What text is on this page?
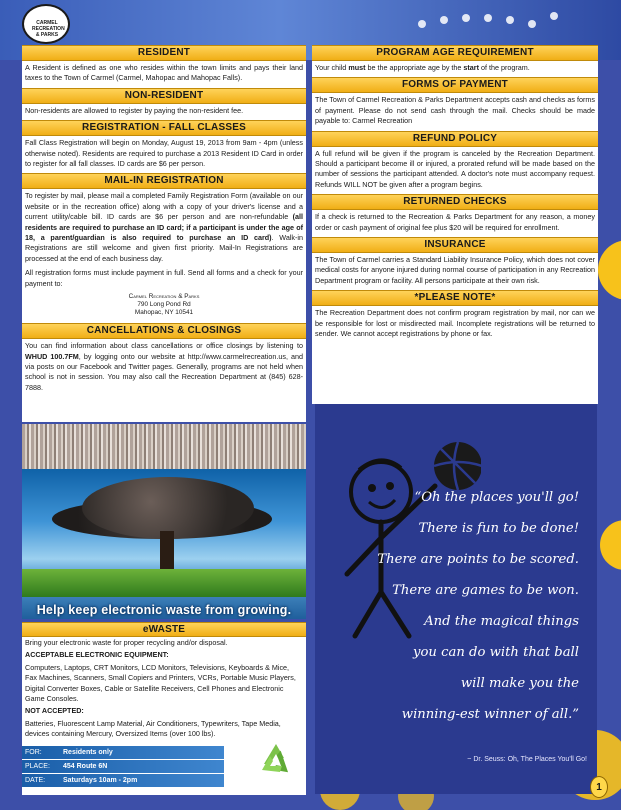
CARMEL RECREATION & PARKS
RESIDENT
A Resident is defined as one who resides within the town limits and pays their land taxes to the Town of Carmel (Carmel, Mahopac and Mahopac Falls).
NON-RESIDENT
Non-residents are allowed to register by paying the non-resident fee.
REGISTRATION - FALL CLASSES
Fall Class Registration will begin on Monday, August 19, 2013 from 9am - 4pm (unless otherwise noted). Residents are required to purchase a 2013 Resident ID Card in order to register for all fall classes. ID cards are $6 per person.
MAIL-IN REGISTRATION
To register by mail, please mail a completed Family Registration Form (available on our website or in the recreation office) along with a copy of your driver's license and a current utility/cable bill. ID cards are $6 per person and are non-refundable (all residents are required to purchase an ID card; if a participant is under the age of 18, a parent/guardian is also required to purchase an ID card). Walk-in Registrations are still welcome and given first priority. Mail-In Registrations are processed at the end of each business day.
All registration forms must include payment in full. Send all forms and a check for your payment to:
Carmel Recreation & Parks
790 Long Pond Rd
Mahopac, NY 10541
CANCELLATIONS & CLOSINGS
You can find information about class cancellations or office closings by listening to WHUD 100.7FM, by logging onto our website at http://www.carmelrecreation.us, and via posts on our Facebook and Twitter pages. Generally, programs are not held when school is not in session. You may also call the Recreation Department at (845) 628-7888.
Help keep electronic waste from growing.
eWASTE
Bring your electronic waste for proper recycling and/or disposal.
ACCEPTABLE ELECTRONIC EQUIPMENT:
Computers, Laptops, CRT Monitors, LCD Monitors, Televisions, Keyboards & Mice, Fax Machines, Scanners, Small Copiers and Printers, VCRs, Portable Music Players, Digital Converter Boxes, Cable or Satellite Receivers, Cell Phones and Electronic Game Consoles.
NOT ACCEPTED:
Batteries, Fluorescent Lamp Material, Air Conditioners, Typewriters, Tape Media, devices containing Mercury, Oversized Items (over 100 lbs).
FOR:	Residents only
PLACE:	454 Route 6N
DATE:	Saturdays 10am - 2pm
PROGRAM AGE REQUIREMENT
Your child must be the appropriate age by the start of the program.
FORMS OF PAYMENT
The Town of Carmel Recreation & Parks Department accepts cash and checks as forms of payment. Please do not send cash through the mail. Checks should be made payable to: Carmel Recreation
REFUND POLICY
A full refund will be given if the program is canceled by the Recreation Department. Should a participant become ill or injured, a prorated refund will be made based on the number of sessions the participant attended. A doctor's note must accompany request. Refunds WILL NOT be given after a program begins.
RETURNED CHECKS
If a check is returned to the Recreation & Parks Department for any reason, a money order or cash payment of original fee plus $20 will be required for enrollment.
INSURANCE
The Town of Carmel carries a Standard Liability Insurance Policy, which does not cover medical costs for anyone injured during normal course of participation in any Recreation Department program or facility. All persons participate at their own risk.
*PLEASE NOTE*
The Recreation Department does not confirm program registration by mail, nor can we be responsible for lost or misdirected mail. Incomplete registrations will be returned to sender. We cannot accept registrations by phone or fax.
“Oh the places you'll go!
There is fun to be done!
There are points to be scored.
There are games to be won.
And the magical things
you can do with that ball
will make you the
winning-est winner of all.”
~ Dr. Seuss: Oh, The Places You'll Go!
1
